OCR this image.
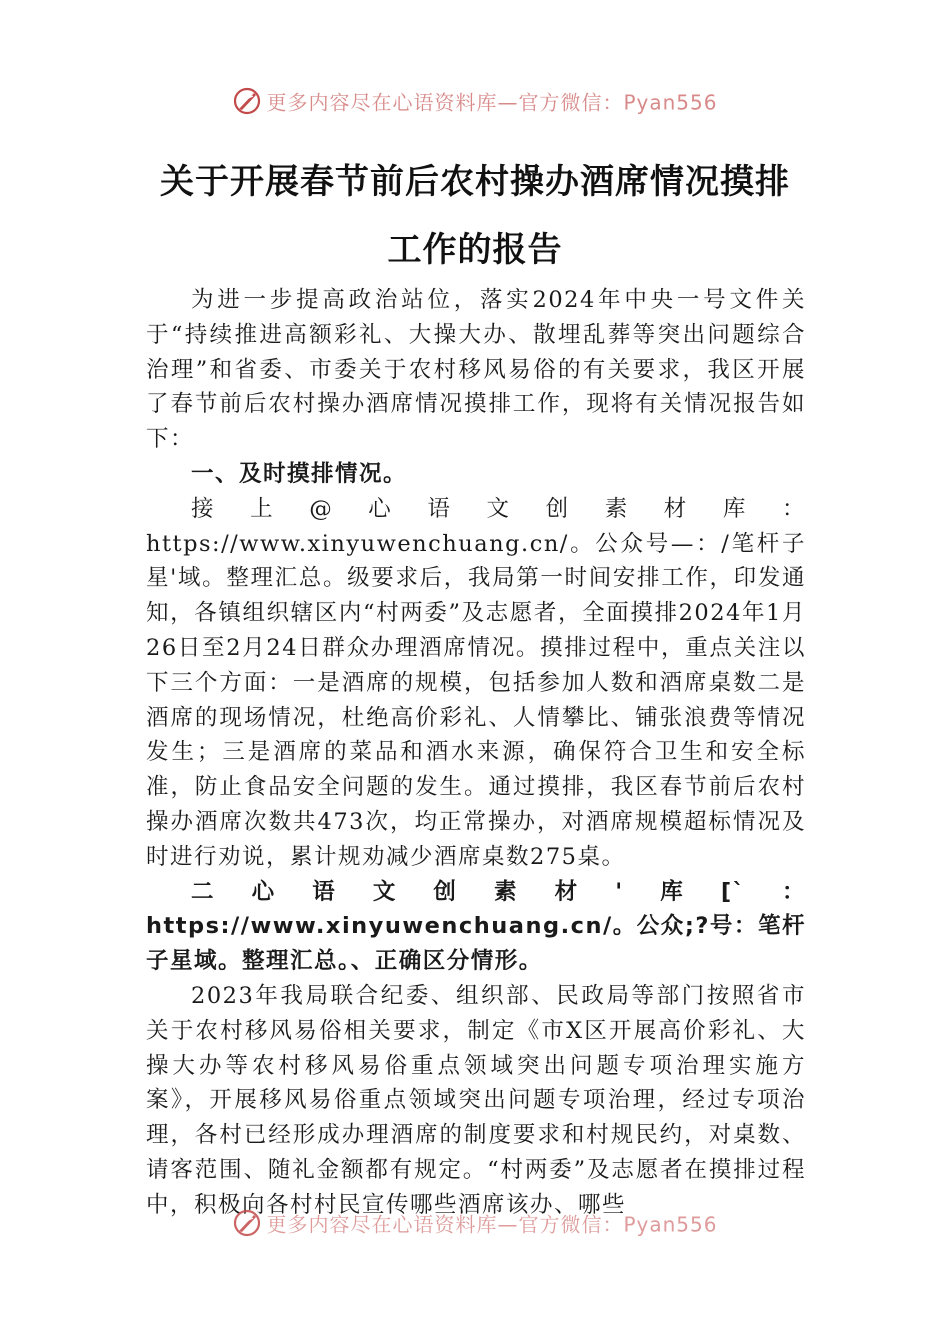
更多内容尽在心语资料库—官方微信：Pyan556
关于开展春节前后农村操办酒席情况摸排
工作的报告

为进一步提高政治站位，落实2024年中央一号文件关于“持续推进高额彩礼、大操大办、散埋乱葬等突出问题综合治理”和省委、市委关于农村移风易俗的有关要求，我区开展了春节前后农村操办酒席情况摸排工作，现将有关情况报告如下：

一、及时摸排情况。

接上@心语文创素材库：https://www.xinyuwenchuang.cn/。公众号—：/笔杆子星'域。整理汇总。级要求后，我局第一时间安排工作，印发通知，各镇组织辖区内“村两委”及志愿者，全面摸排2024年1月26日至2月24日群众办理酒席情况。摸排过程中，重点关注以下三个方面：一是酒席的规模，包括参加人数和酒席桌数二是酒席的现场情况，杜绝高价彩礼、人情攀比、铺张浪费等情况发生；三是酒席的菜品和酒水来源，确保符合卫生和安全标准，防止食品安全问题的发生。通过摸排，我区春节前后农村操办酒席次数共473次，均正常操办，对酒席规模超标情况及时进行劝说，累计规劝减少酒席桌数275桌。

二心语文创素材'库[`：https://www.xinyuwenchuang.cn/。公众;?号：笔杆子星域。整理汇总。、正确区分情形。

2023年我局联合纪委、组织部、民政局等部门按照省市关于农村移风易俗相关要求，制定《市X区开展高价彩礼、大操大办等农村移风易俗重点领域突出问题专项治理实施方案》，开展移风易俗重点领域突出问题专项治理，经过专项治理，各村已经形成办理酒席的制度要求和村规民约，对桌数、请客范围、随礼金额都有规定。“村两委”及志愿者在摸排过程中，积极向各村村民宣传哪些酒席该办、哪些

更多内容尽在心语资料库—官方微信：Pyan556
